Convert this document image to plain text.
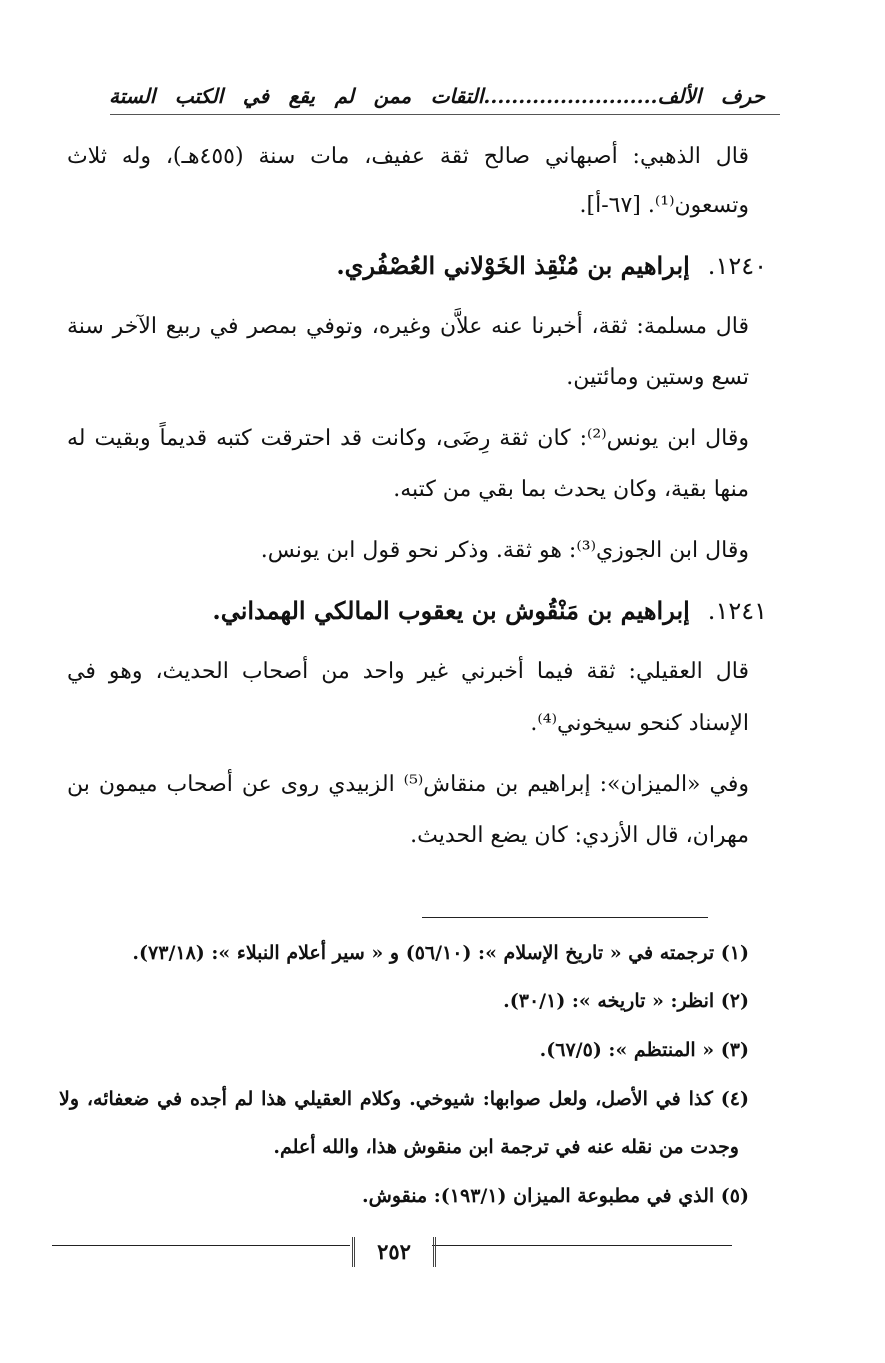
حرف الألف.........................التقات ممن لم يقع في الكتب الستة
قال الذهبي: أصبهاني صالح ثقة عفيف، مات سنة (٤٥٥هـ)، وله ثلاث
وتسعون⁽¹⁾. [٦٧-أ].
١٢٤٠.إبراهيم بن مُنْقِذ الخَوْلاني العُصْفُري.
قال مسلمة: ثقة، أخبرنا عنه علاَّن وغيره، وتوفي بمصر في ربيع الآخر سنة
تسع وستين ومائتين.
وقال ابن يونس⁽²⁾: كان ثقة رِضَى، وكانت قد احترقت كتبه قديماً وبقيت له
منها بقية، وكان يحدث بما بقي من كتبه.
وقال ابن الجوزي⁽³⁾: هو ثقة. وذكر نحو قول ابن يونس.
١٢٤١.إبراهيم بن مَنْقُوش بن يعقوب المالكي الهمداني.
قال العقيلي: ثقة فيما أخبرني غير واحد من أصحاب الحديث، وهو في
الإسناد كنحو سيخوني⁽⁴⁾.
وفي «الميزان»: إبراهيم بن منقاش⁽⁵⁾ الزبيدي روى عن أصحاب ميمون بن
مهران، قال الأزدي: كان يضع الحديث.
(١) ترجمته في « تاريخ الإسلام »: (٥٦/١٠) و « سير أعلام النبلاء »: (٧٣/١٨).
(٢) انظر: « تاريخه »: (٣٠/١).
(٣) « المنتظم »: (٦٧/٥).
(٤) كذا في الأصل، ولعل صوابها: شيوخي. وكلام العقيلي هذا لم أجده في ضعفائه، ولا
وجدت من نقله عنه في ترجمة ابن منقوش هذا، والله أعلم.
(٥) الذي في مطبوعة الميزان (١٩٣/١): منقوش.
٢٥٢
